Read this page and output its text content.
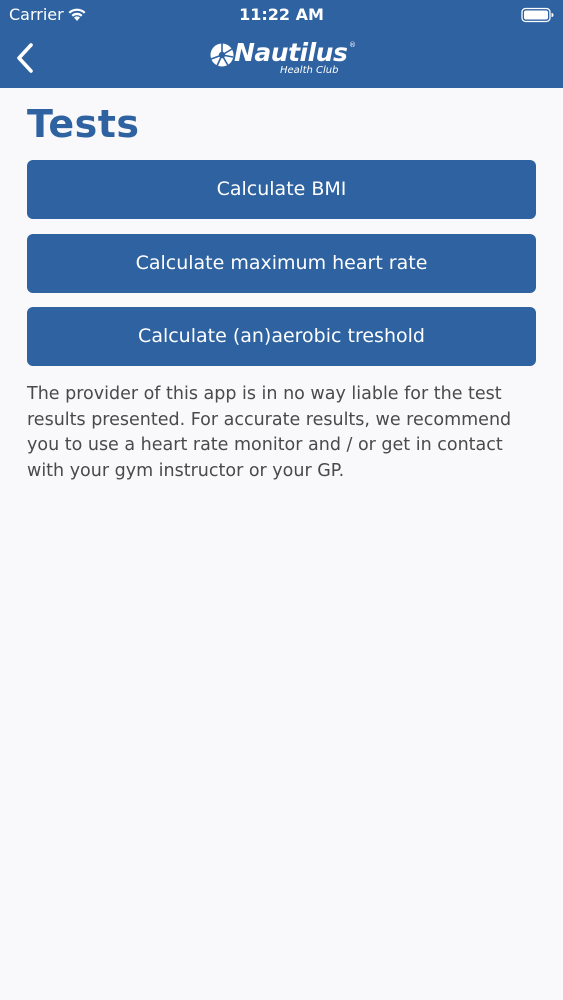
Carrier	11:22 AM
Nautilus ®
Health Club
Tests
Calculate BMI
Calculate maximum heart rate
Calculate (an)aerobic treshold

The provider of this app is in no way liable for the test results presented. For accurate results, we recommend you to use a heart rate monitor and / or get in contact with your gym instructor or your GP.
